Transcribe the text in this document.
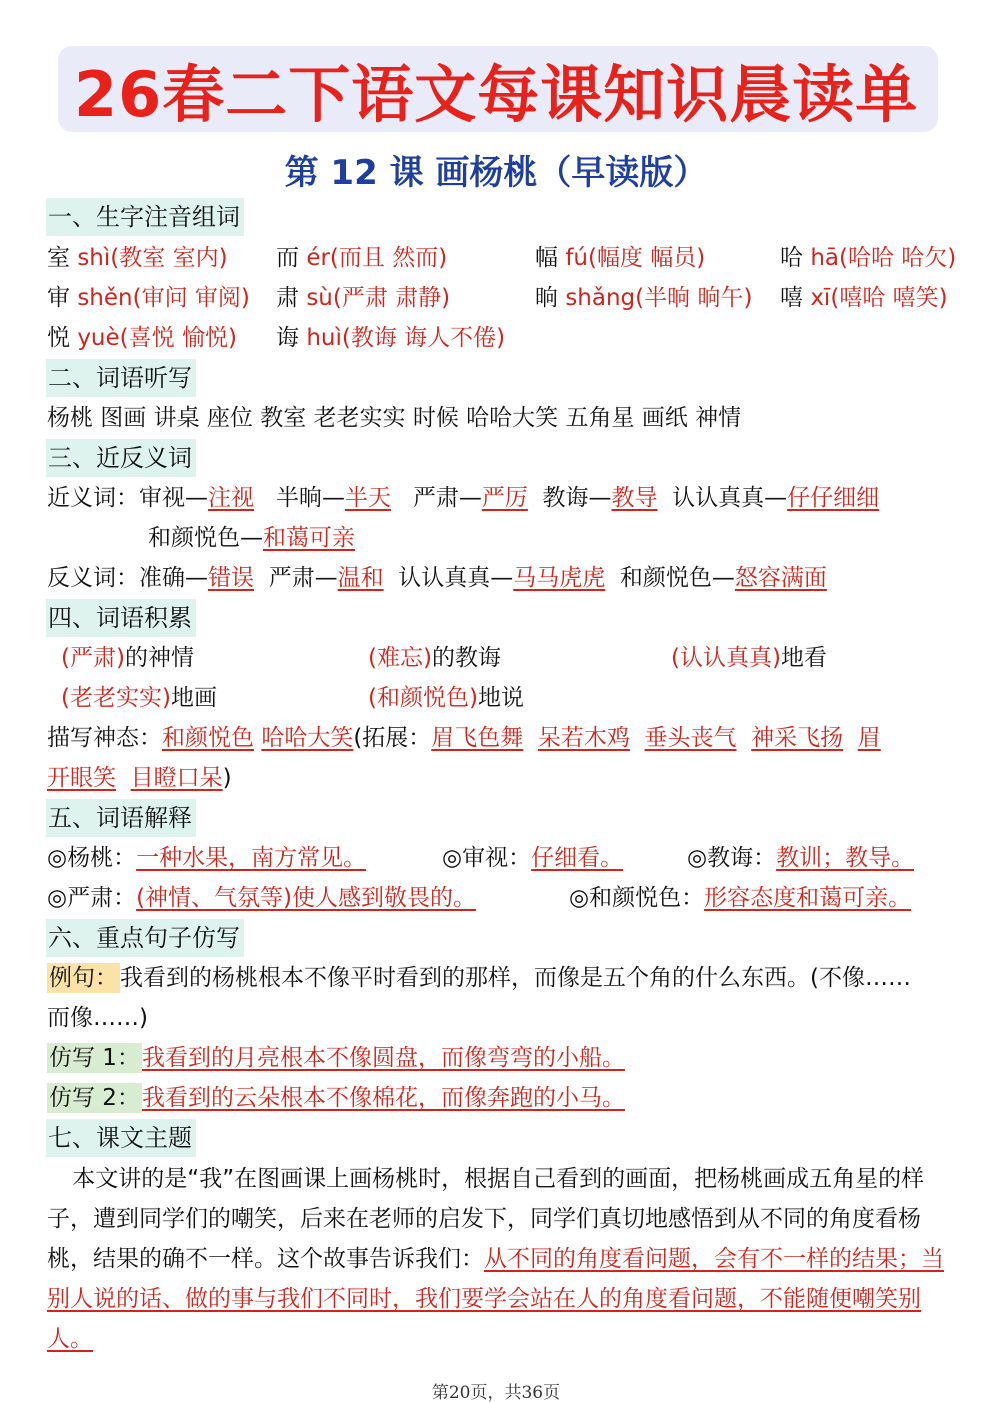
26春二下语文 每课知识晨读单
第 12 课 画杨桃（早读版）
一、生字注音组词
室 shì(教室 室内) 而 ér(而且 然而)	幅 fú(幅度 幅员)	哈 hā(哈哈 哈欠)
审 shěn(审问 审阅) 肃 sù(严肃 肃静)	晌 shǎng(半晌 晌午) 嘻 xī(嘻哈 嘻笑)
悦 yuè(喜悦 愉悦) 诲 huì(教诲 诲人不倦)
二、词语听写
杨桃 图画 讲桌 座位 教室 老老实实 时候 哈哈大笑 五角星 画纸 神情
三、近反义词
近义词：审视—注视 半晌—半天 严肃—严厉 教诲—教导 认认真真—仔仔细细
和颜悦色—和蔼可亲
反义词：准确—错误 严肃—温和 认认真真—马马虎虎 和颜悦色—怒容满面
四、词语积累
(严肃)的神情	(难忘)的教诲	(认认真真)地看
(老老实实)地画	(和颜悦色)地说
描写神态：和颜悦色 哈哈大笑(拓展：眉飞色舞 呆若木鸡 垂头丧气 神采飞扬 眉
开眼笑 目瞪口呆)
五、词语解释
◎杨桃：一种水果，南方常见。	◎审视：仔细看。	◎教诲：教训；教导。
◎严肃：(神情、气氛等)使人感到敬畏的。	◎和颜悦色：形容态度和蔼可亲。
六、重点句子仿写
例句：我看到的杨桃根本不像平时看到的那样，而像是五个角的什么东西。(不像……
而像……)
仿写 1：我看到的月亮根本不像圆盘，而像弯弯的小船。
仿写 2：我看到的云朵根本不像棉花，而像奔跑的小马。
七、课文主题
本文讲的是“我”在图画课上画杨桃时，根据自己看到的画面，把杨桃画成五角星的样子，遭到同学们的嘲笑，后来在老师的启发下，同学们真切地感悟到从不同的角度看杨桃，结果的确不一样。这个故事告诉我们：从不同的角度看问题，会有不一样的结果；当别人说的话、做的事与我们不同时，我们要学会站在人的角度看问题，不能随便嘲笑别人。
第20页，共36页
